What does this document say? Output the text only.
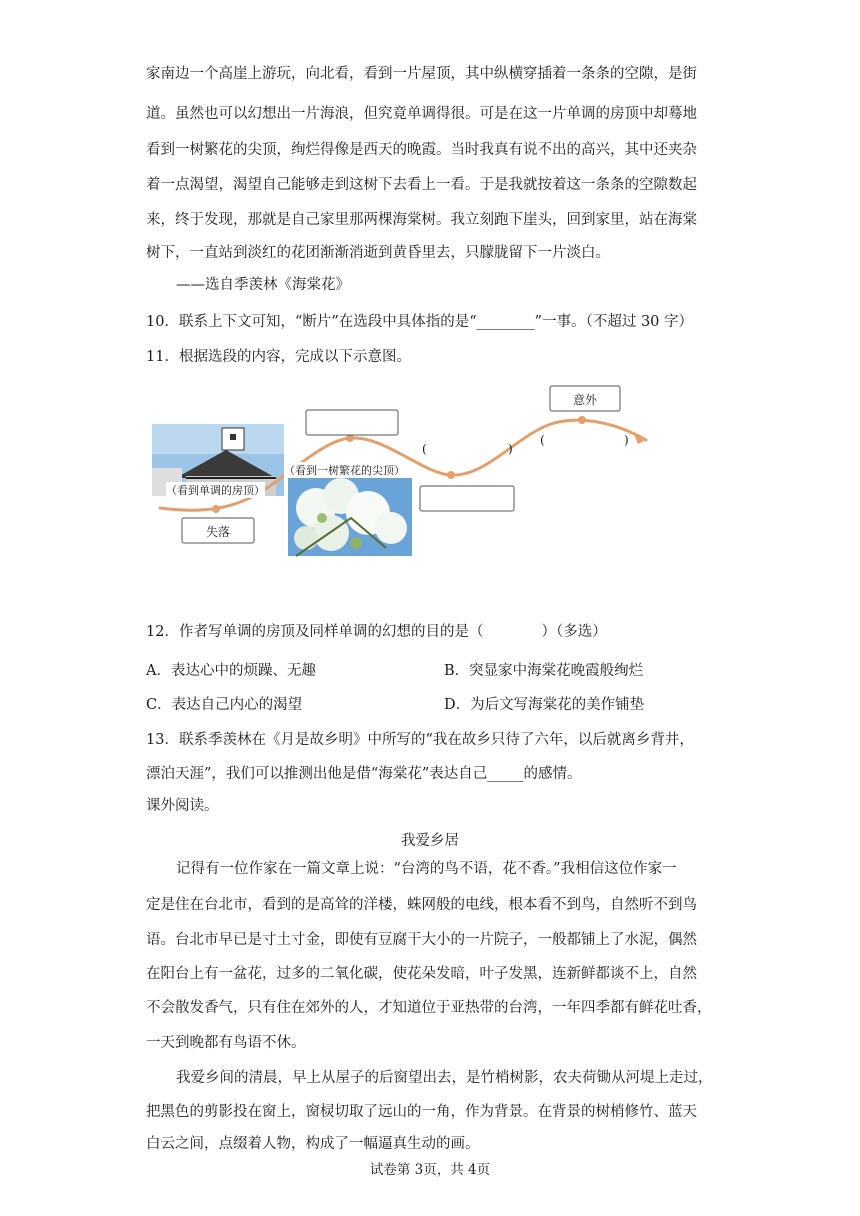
家南边一个高崖上游玩，向北看，看到一片屋顶，其中纵横穿插着一条条的空隙，是街
道。虽然也可以幻想出一片海浪，但究竟单调得很。可是在这一片单调的房顶中却蓦地
看到一树繁花的尖顶，绚烂得像是西天的晚霞。当时我真有说不出的高兴，其中还夹杂
着一点渴望，渴望自己能够走到这树下去看上一看。于是我就按着这一条条的空隙数起
来，终于发现，那就是自己家里那两棵海棠树。我立刻跑下崖头，回到家里，站在海棠
树下，一直站到淡红的花团渐渐消逝到黄昏里去，只朦胧留下一片淡白。
——选自季羡林《海棠花》
10．联系上下文可知，“断片”在选段中具体指的是“________”一事。（不超过 30 字）
11．根据选段的内容，完成以下示意图。
（看到单调的房顶）
（看到一树繁花的尖顶）
失落
意外
(	)
(	)
12．作者写单调的房顶及同样单调的幻想的目的是（　　　　）（多选）
A．表达心中的烦躁、无趣	B．突显家中海棠花晚霞般绚烂
C．表达自己内心的渴望	D．为后文写海棠花的美作铺垫
13．联系季羡林在《月是故乡明》中所写的“我在故乡只待了六年，以后就离乡背井，
漂泊天涯”，我们可以推测出他是借“海棠花”表达自己_____的感情。
课外阅读。
我爱乡居
记得有一位作家在一篇文章上说：“台湾的鸟不语，花不香。”我相信这位作家一
定是住在台北市，看到的是高耸的洋楼，蛛网般的电线，根本看不到鸟，自然听不到鸟
语。台北市早已是寸土寸金，即使有豆腐干大小的一片院子，一般都铺上了水泥，偶然
在阳台上有一盆花，过多的二氧化碳，使花朵发暗，叶子发黑，连新鲜都谈不上，自然
不会散发香气，只有住在郊外的人，才知道位于亚热带的台湾，一年四季都有鲜花吐香，
一天到晚都有鸟语不休。
我爱乡间的清晨，早上从屋子的后窗望出去，是竹梢树影，农夫荷锄从河堤上走过，
把黑色的剪影投在窗上，窗棂切取了远山的一角，作为背景。在背景的树梢修竹、蓝天
白云之间，点缀着人物，构成了一幅逼真生动的画。
试卷第 3页，共 4页
